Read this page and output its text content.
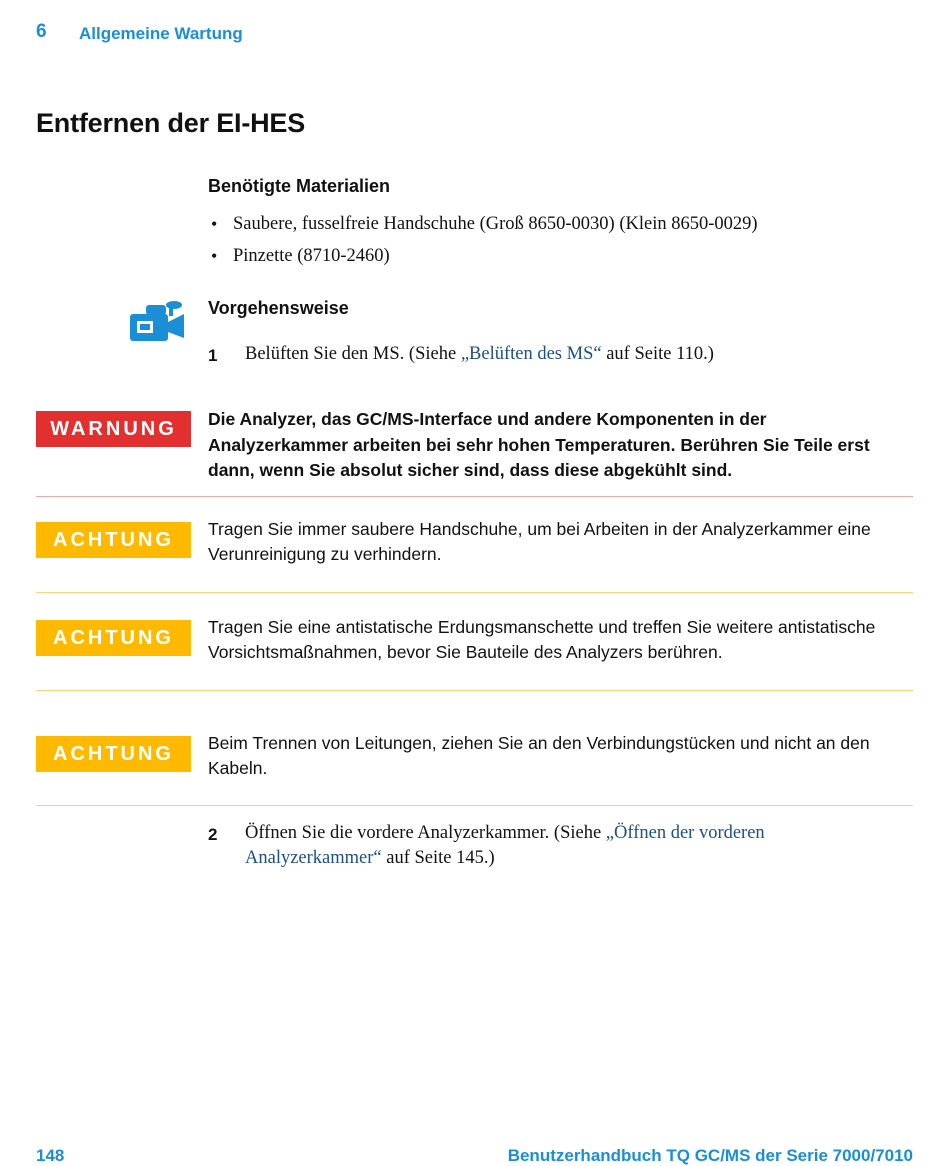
6 Allgemeine Wartung
Entfernen der EI-HES
Benötigte Materialien
• Saubere, fusselfreie Handschuhe (Groß 8650-0030) (Klein 8650-0029)
• Pinzette (8710-2460)
Vorgehensweise
1 Belüften Sie den MS. (Siehe „Belüften des MS“ auf Seite 110.)
WARNUNG	Die Analyzer, das GC/MS-Interface und andere Komponenten in der Analyzerkammer arbeiten bei sehr hohen Temperaturen. Berühren Sie Teile erst dann, wenn Sie absolut sicher sind, dass diese abgekühlt sind.
ACHTUNG	Tragen Sie immer saubere Handschuhe, um bei Arbeiten in der Analyzerkammer eine Verunreinigung zu verhindern.
ACHTUNG	Tragen Sie eine antistatische Erdungsmanschette und treffen Sie weitere antistatische Vorsichtsmaßnahmen, bevor Sie Bauteile des Analyzers berühren.
ACHTUNG	Beim Trennen von Leitungen, ziehen Sie an den Verbindungstücken und nicht an den Kabeln.
2 Öffnen Sie die vordere Analyzerkammer. (Siehe „Öffnen der vorderen
Analyzerkammer“ auf Seite 145.)
148	Benutzerhandbuch TQ GC/MS der Serie 7000/7010
